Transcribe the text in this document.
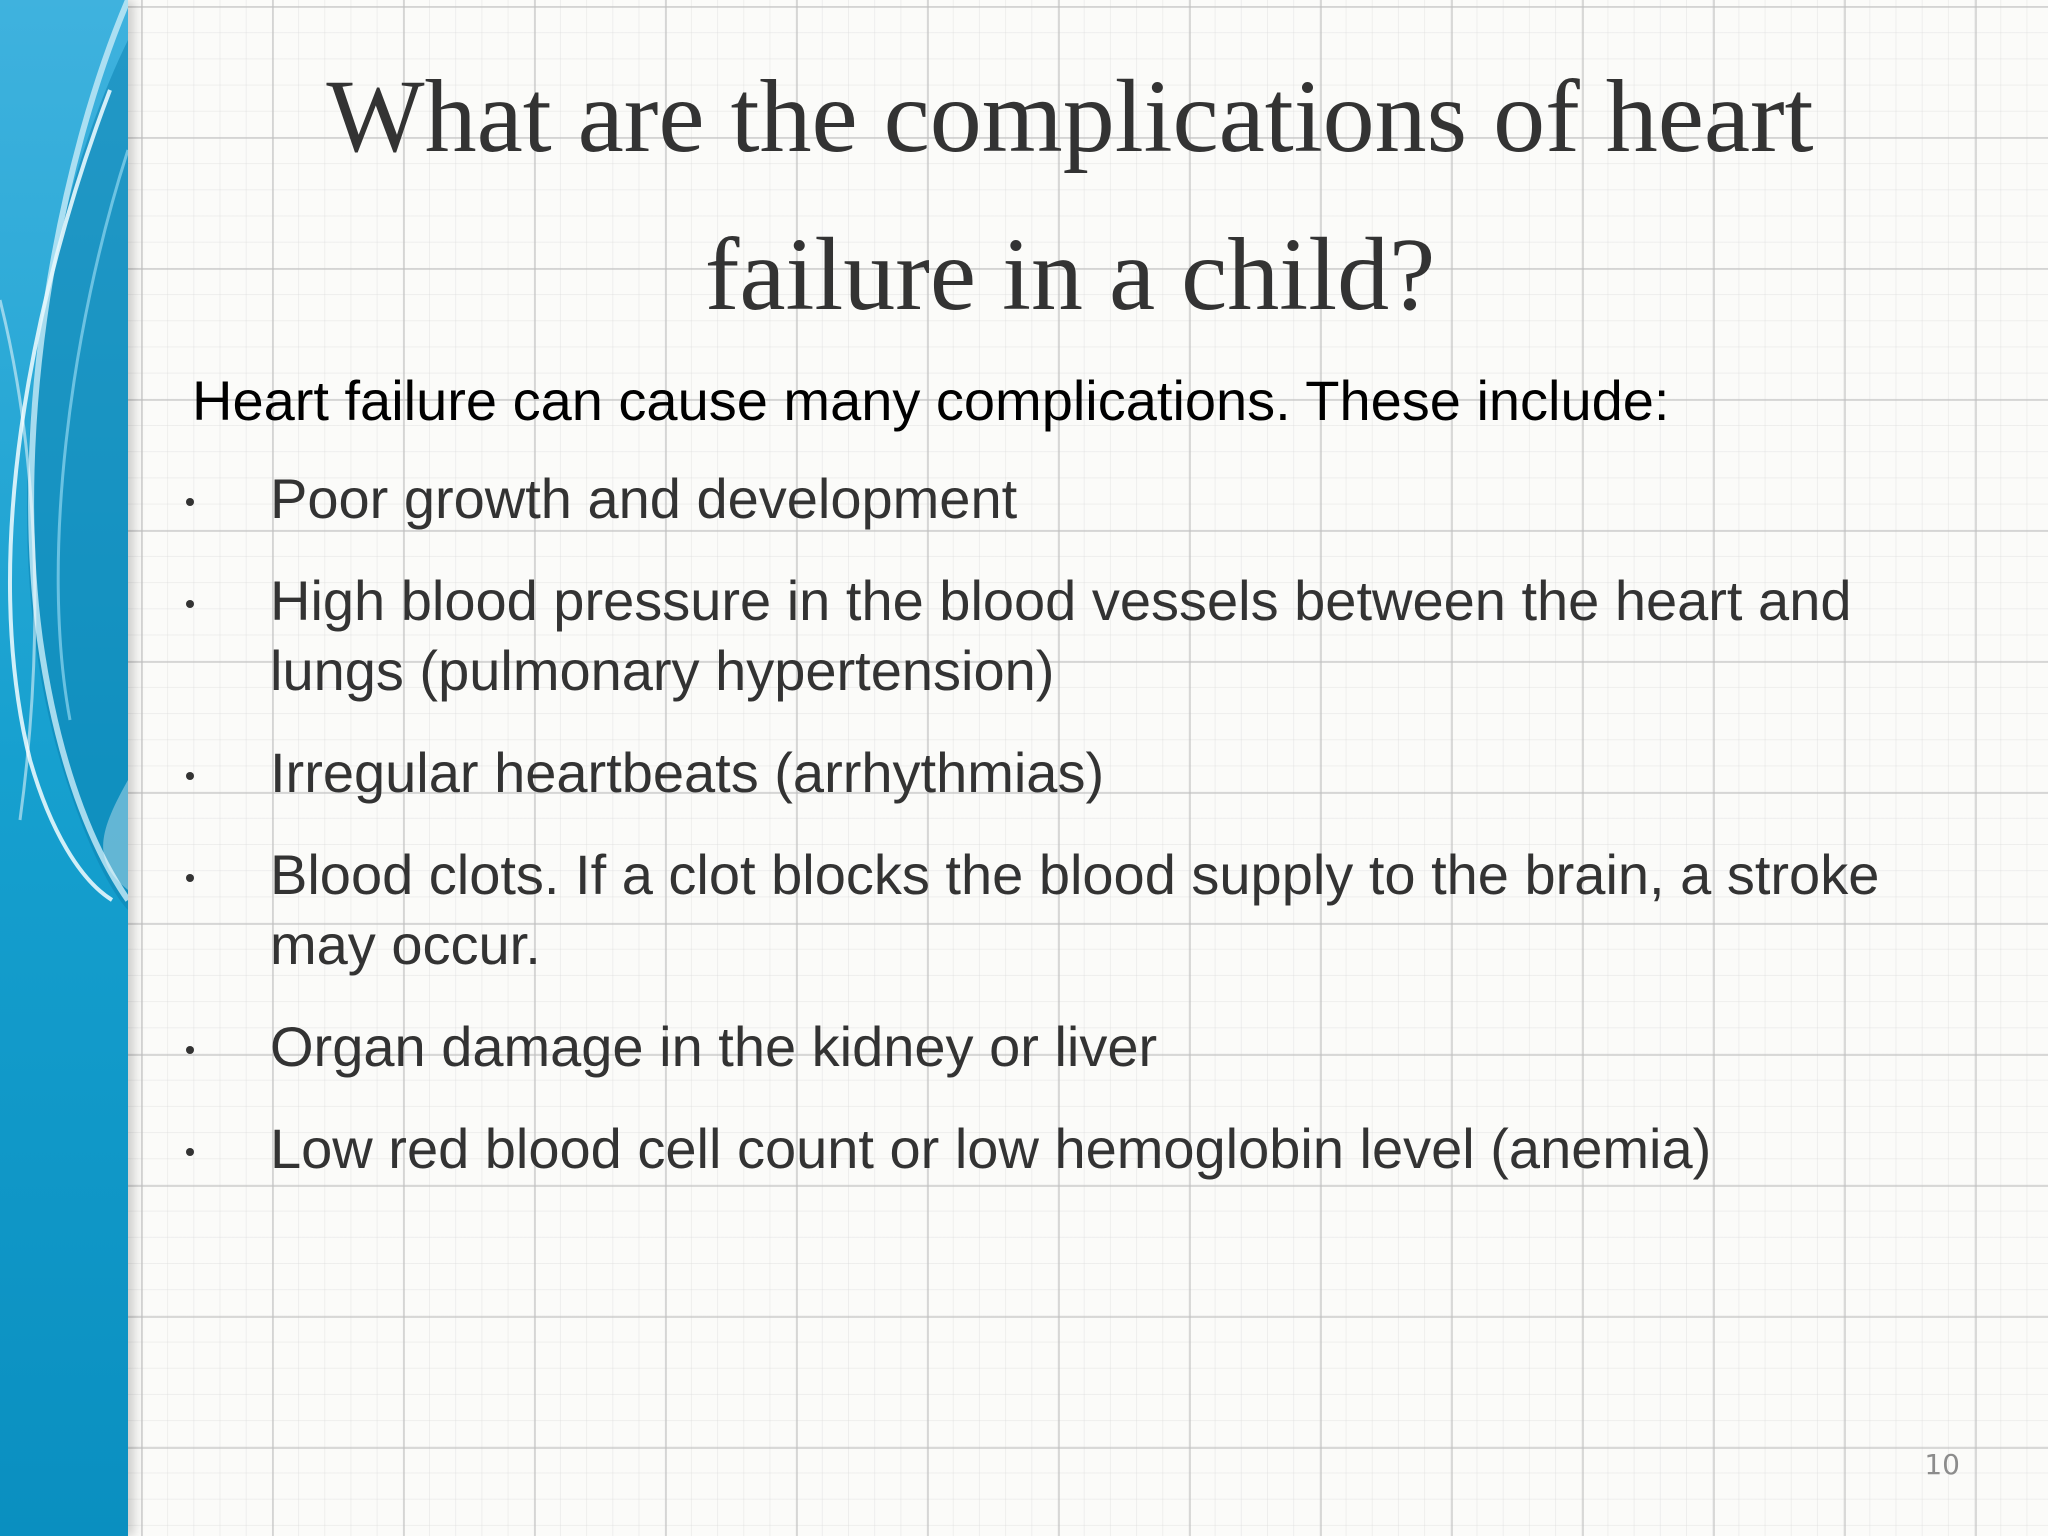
What are the complications of heart failure in a child?

Heart failure can cause many complications. These include:

Poor growth and development
High blood pressure in the blood vessels between the heart and lungs (pulmonary hypertension)
Irregular heartbeats (arrhythmias)
Blood clots. If a clot blocks the blood supply to the brain, a stroke may occur.
Organ damage in the kidney or liver
Low red blood cell count or low hemoglobin level (anemia)
10
